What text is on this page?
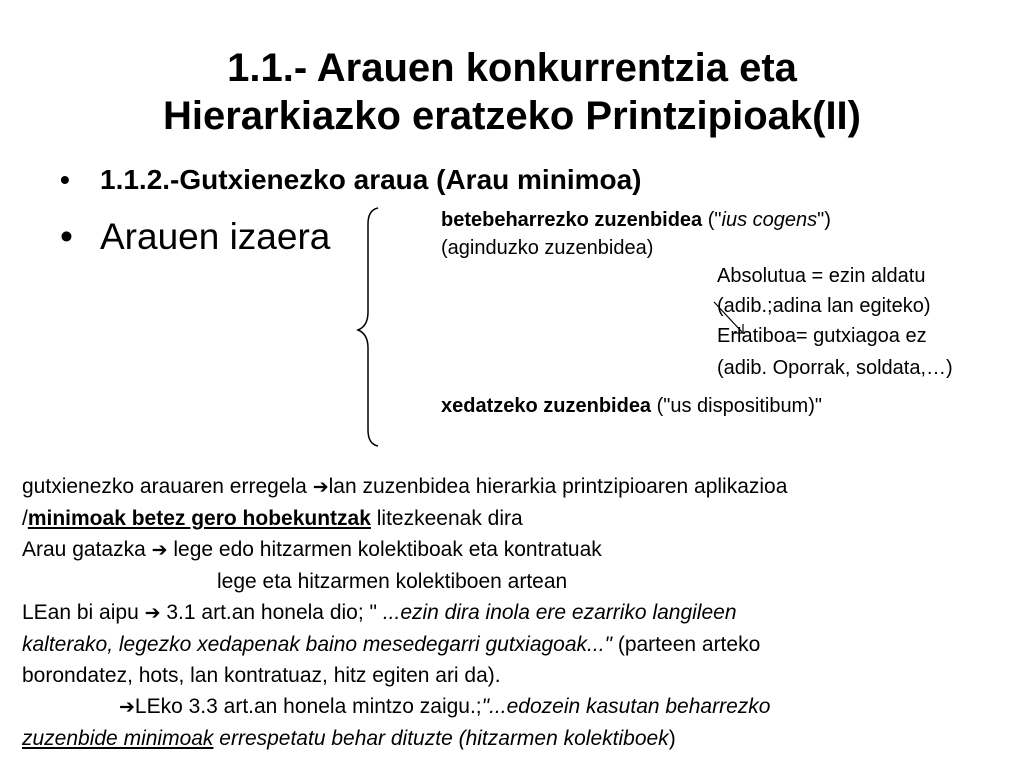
1.1.- Arauen konkurrentzia eta
Hierarkiazko eratzeko Printzipioak(II)
• 1.1.2.-Gutxienezko araua (Arau minimoa)
• Arauen izaera	betebeharrezko zuzenbidea ("ius cogens")
(aginduzko zuzenbidea)
Absolutua = ezin aldatu
(adib.;adina lan egiteko)
Erlatiboa= gutxiagoa ez
(adib. Oporrak, soldata,…)
xedatzeko zuzenbidea ("us dispositibum)"
gutxienezko arauaren erregela ➔lan zuzenbidea hierarkia printzipioaren aplikazioa
/minimoak betez gero hobekuntzak litezkeenak dira
Arau gatazka ➔ lege edo hitzarmen kolektiboak eta kontratuak
lege eta hitzarmen kolektiboen artean
LEan bi aipu ➔ 3.1 art.an honela dio; " ...ezin dira inola ere ezarriko langileen
kalterako, legezko xedapenak baino mesedegarri gutxiagoak..." (parteen arteko
borondatez, hots, lan kontratuaz, hitz egiten ari da).
➔LEko 3.3 art.an honela mintzo zaigu.;"...edozein kasutan beharrezko
zuzenbide minimoak errespetatu behar dituzte (hitzarmen kolektiboek)
